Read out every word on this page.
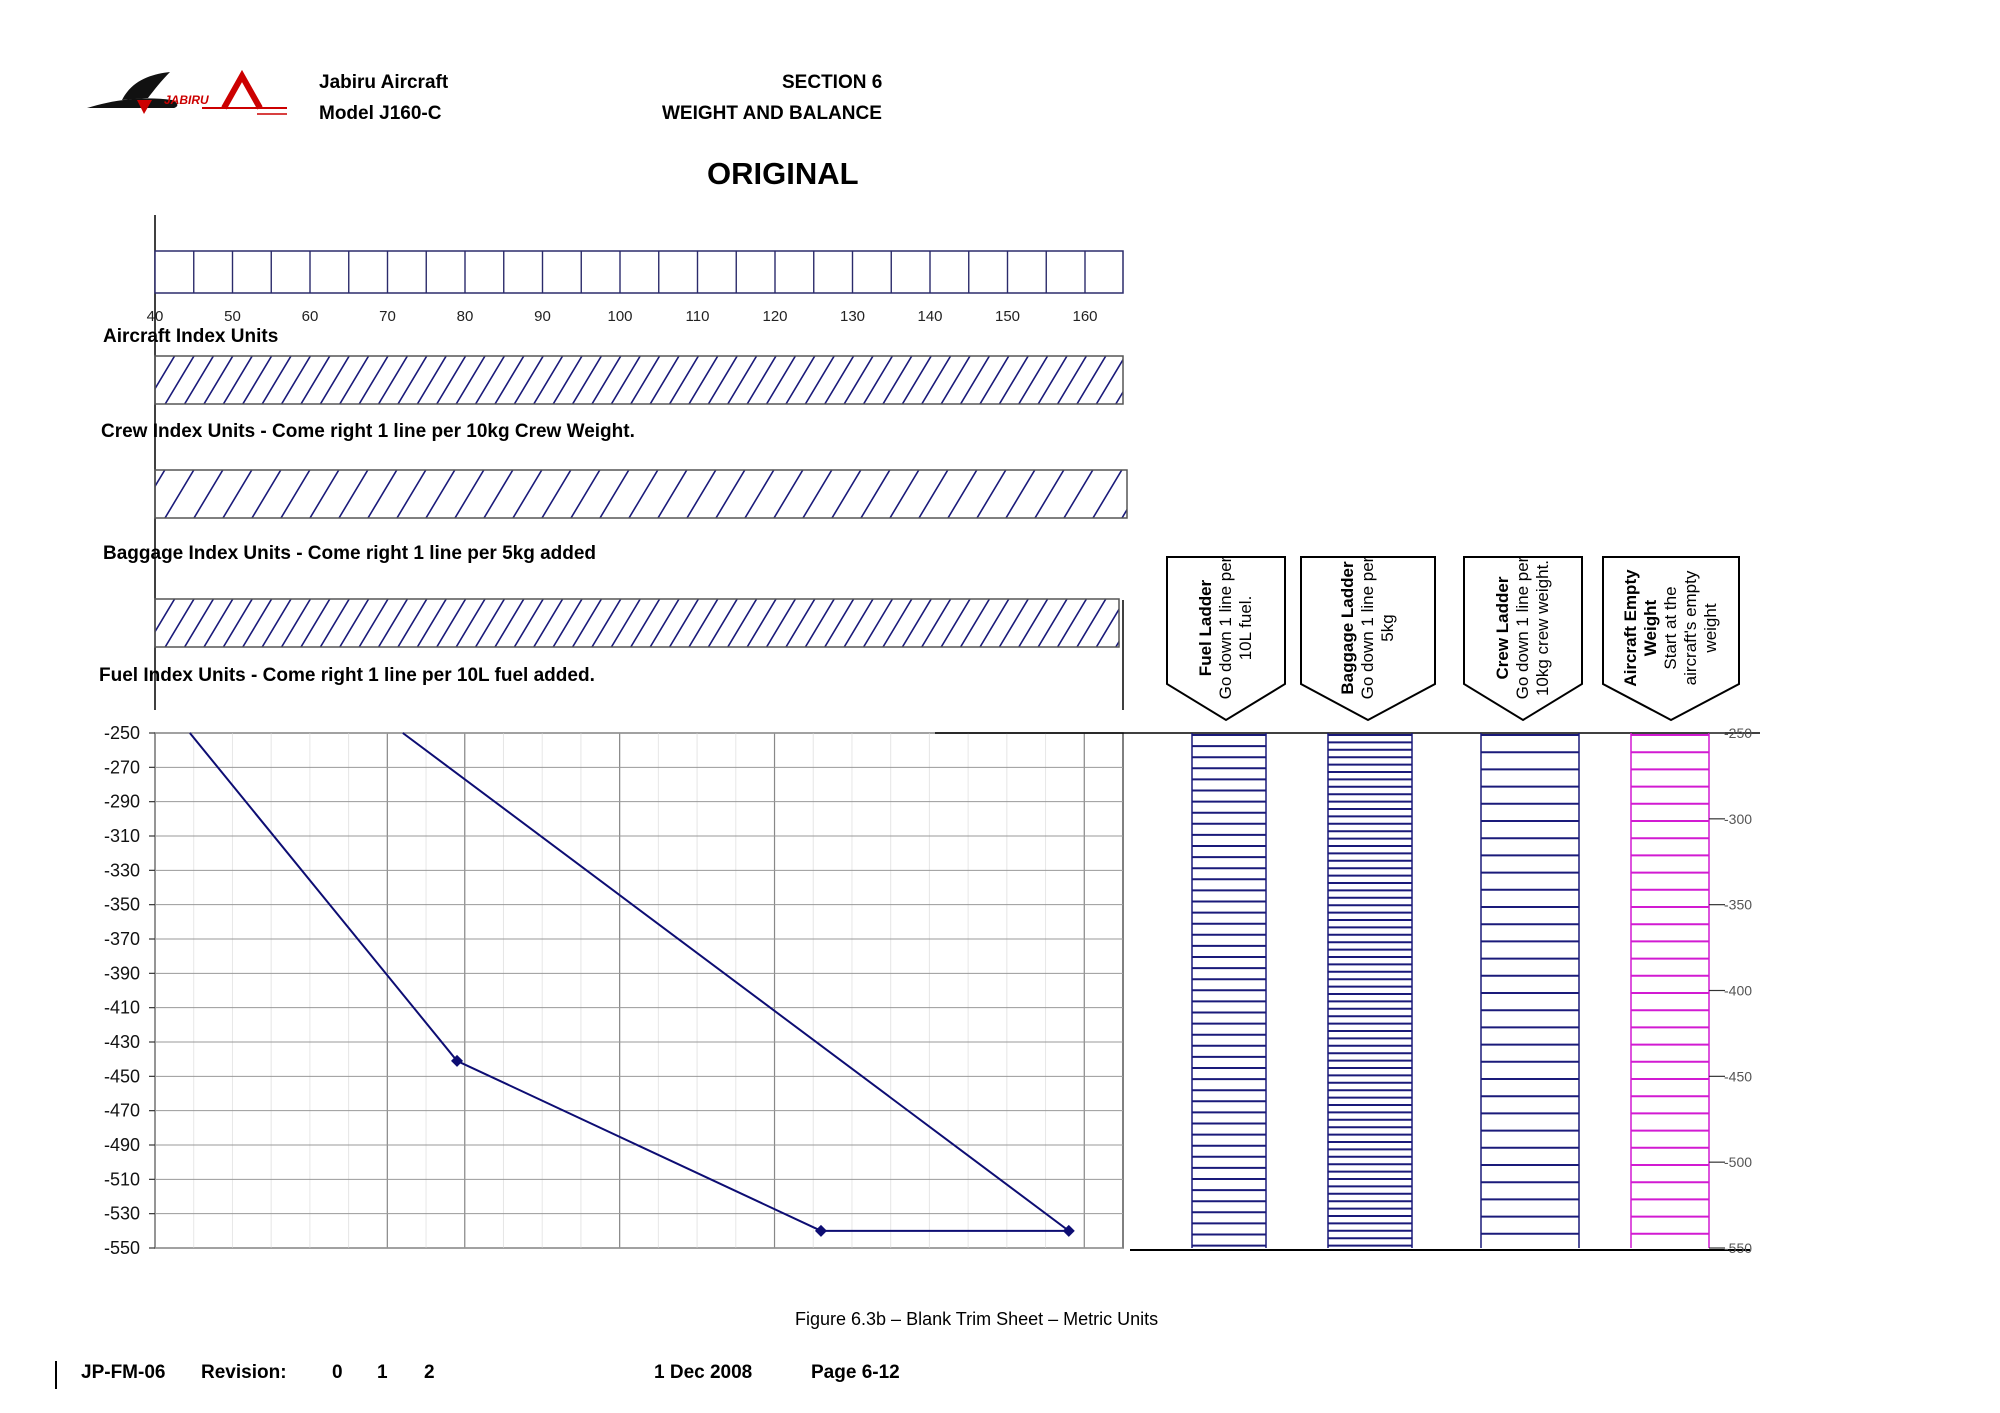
JABIRU
Jabiru Aircraft
Model J160-C
SECTION 6
WEIGHT AND BALANCE
ORIGINAL
Aircraft Index Units
Crew Index Units - Come right 1 line per 10kg Crew Weight.
Baggage Index Units - Come right 1 line per 5kg added
Fuel Index Units - Come right 1 line per 10L fuel added.
40	50	60	70	80	90	100	110	120	130	140	150	160
-250
-270
-290
-310
-330
-350
-370
-390
-410
-430
-450
-470
-490
-510
-530
-550
-250
-300
-350
-400
-450
-500
-550
Fuel Ladder Go down 1 line per 10L fuel.	Baggage Ladder Go down 1 line per 5kg	Crew Ladder Go down 1 line per 10kg crew weight.	Aircraft Empty Weight Start at the aircraft's empty weight
Figure 6.3b – Blank Trim Sheet – Metric Units
JP-FM-06 Revision: 0 1 2	1 Dec 2008	Page 6-12
